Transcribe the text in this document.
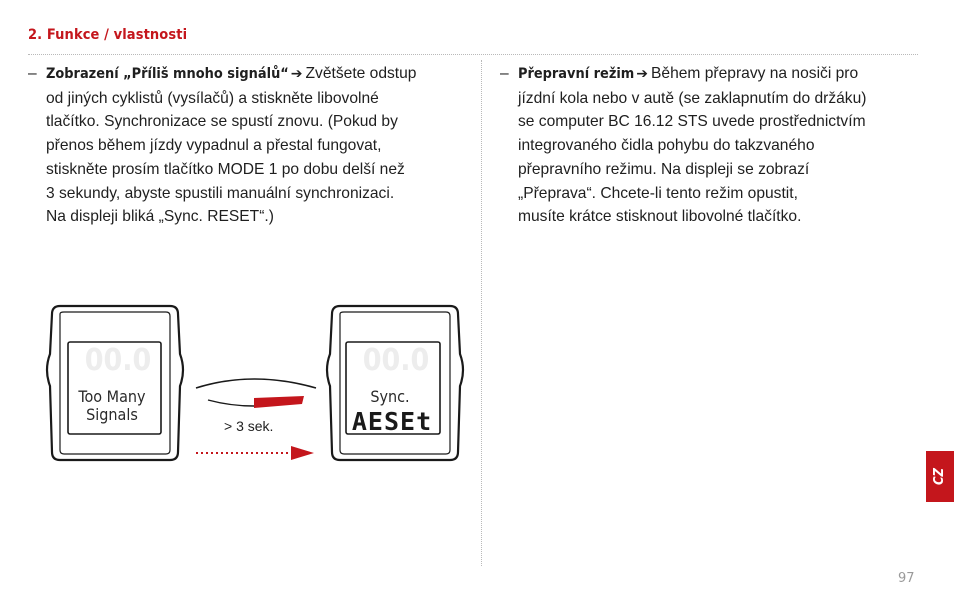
2. Funkce / vlastnosti
– Zobrazení „Příliš mnoho signálů“ ➔ Zvětšete odstup
od jiných cyklistů (vysílačů) a stiskněte libovolné
tlačítko. Synchronizace se spustí znovu. (Pokud by
přenos během jízdy vypadnul a přestal fungovat,
stiskněte prosím tlačítko MODE 1 po dobu delší než
3 sekundy, abyste spustili manuální synchronizaci.
Na displeji bliká „Sync. RESET“.)
– Přepravní režim ➔ Během přepravy na nosiči pro
jízdní kola nebo v autě (se zaklapnutím do držáku)
se computer BC 16.12 STS uvede prostřednictvím
integrovaného čidla pohybu do takzvaného
přepravního režimu. Na displeji se zobrazí
„Přeprava“. Chcete-li tento režim opustit,
musíte krátce stisknout libovolné tlačítko.
00.0
Too Many
Signals
> 3 sek.
00.0
Sync.
AESEt
CZ
97
